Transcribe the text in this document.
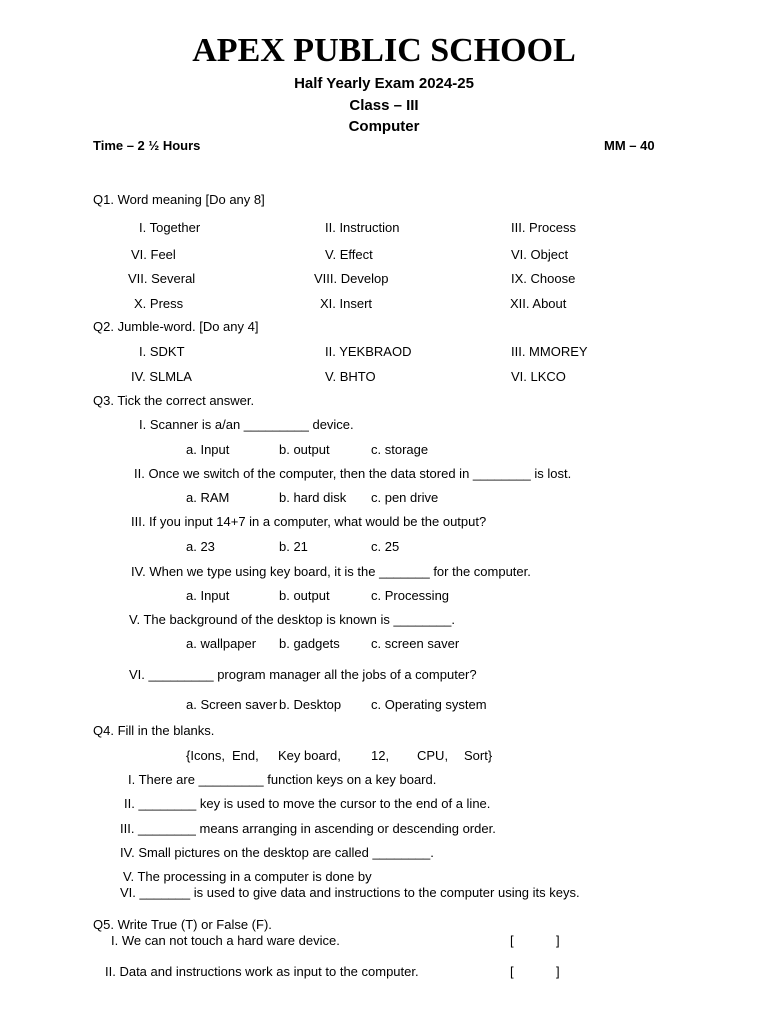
APEX PUBLIC SCHOOL
Half Yearly Exam 2024-25
Class – III
Computer
Time – 2 ½ Hours	MM – 40
Q1. Word meaning [Do any 8]
I. Together	II. Instruction	III. Process
VI. Feel	V. Effect	VI. Object
VII. Several	VIII. Develop	IX. Choose
X. Press	XI. Insert	XII. About
Q2. Jumble-word. [Do any 4]
I. SDKT	II. YEKBRAOD	III. MMOREY
IV. SLMLA	V. BHTO	VI. LKCO
Q3. Tick the correct answer.
I. Scanner is a/an _________ device.
a. Input	b. output	c. storage
II. Once we switch of the computer, then the data stored in ________ is lost.
a. RAM	b. hard disk c. pen drive
III. If you input 14+7 in a computer, what would be the output?
a. 23	b. 21	c. 25
IV. When we type using key board, it is the _______ for the computer.
a. Input	b. output	c. Processing
V. The background of the desktop is known is ________.
a. wallpaper b. gadgets c. screen saver
VI. _________ program manager all the jobs of a computer?
a. Screen saver b. Desktop c. Operating system
Q4. Fill in the blanks.
{Icons, End, Key board, 12, CPU, Sort}
I. There are _________ function keys on a key board.
II. ________ key is used to move the cursor to the end of a line.
III. ________ means arranging in ascending or descending order.
IV. Small pictures on the desktop are called ________.
V. The processing in a computer is done by
VI. _______ is used to give data and instructions to the computer using its keys.
Q5. Write True (T) or False (F).
I. We can not touch a hard ware device.	[	]
II. Data and instructions work as input to the computer.	[	]
